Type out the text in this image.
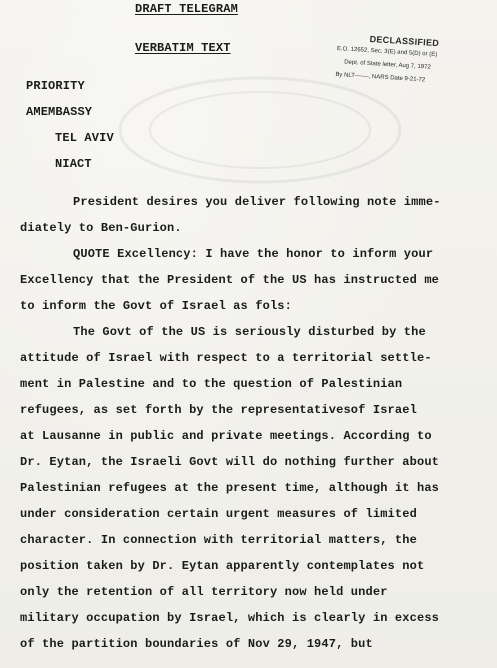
DRAFT TELEGRAM
VERBATIM TEXT	DECLASSIFIED
E.O. 12652, Sec. 3(E) and 5(D) or (E)
Dept. of State letter, Aug 7, 1972
By NLT-——, NARS Date 9-21-72
PRIORITY
AMEMBASSY
TEL AVIV
NIACT
President desires you deliver following note imme-
diately to Ben-Gurion.
QUOTE Excellency: I have the honor to inform your
Excellency that the President of the US has instructed me
to inform the Govt of Israel as fols:
The Govt of the US is seriously disturbed by the
attitude of Israel with respect to a territorial settle-
ment in Palestine and to the question of Palestinian
refugees, as set forth by the representativesof Israel
at Lausanne in public and private meetings. According to
Dr. Eytan, the Israeli Govt will do nothing further about
Palestinian refugees at the present time, although it has
under consideration certain urgent measures of limited
character. In connection with territorial matters, the
position taken by Dr. Eytan apparently contemplates not
only the retention of all territory now held under
military occupation by Israel, which is clearly in excess
of the partition boundaries of Nov 29, 1947, but
